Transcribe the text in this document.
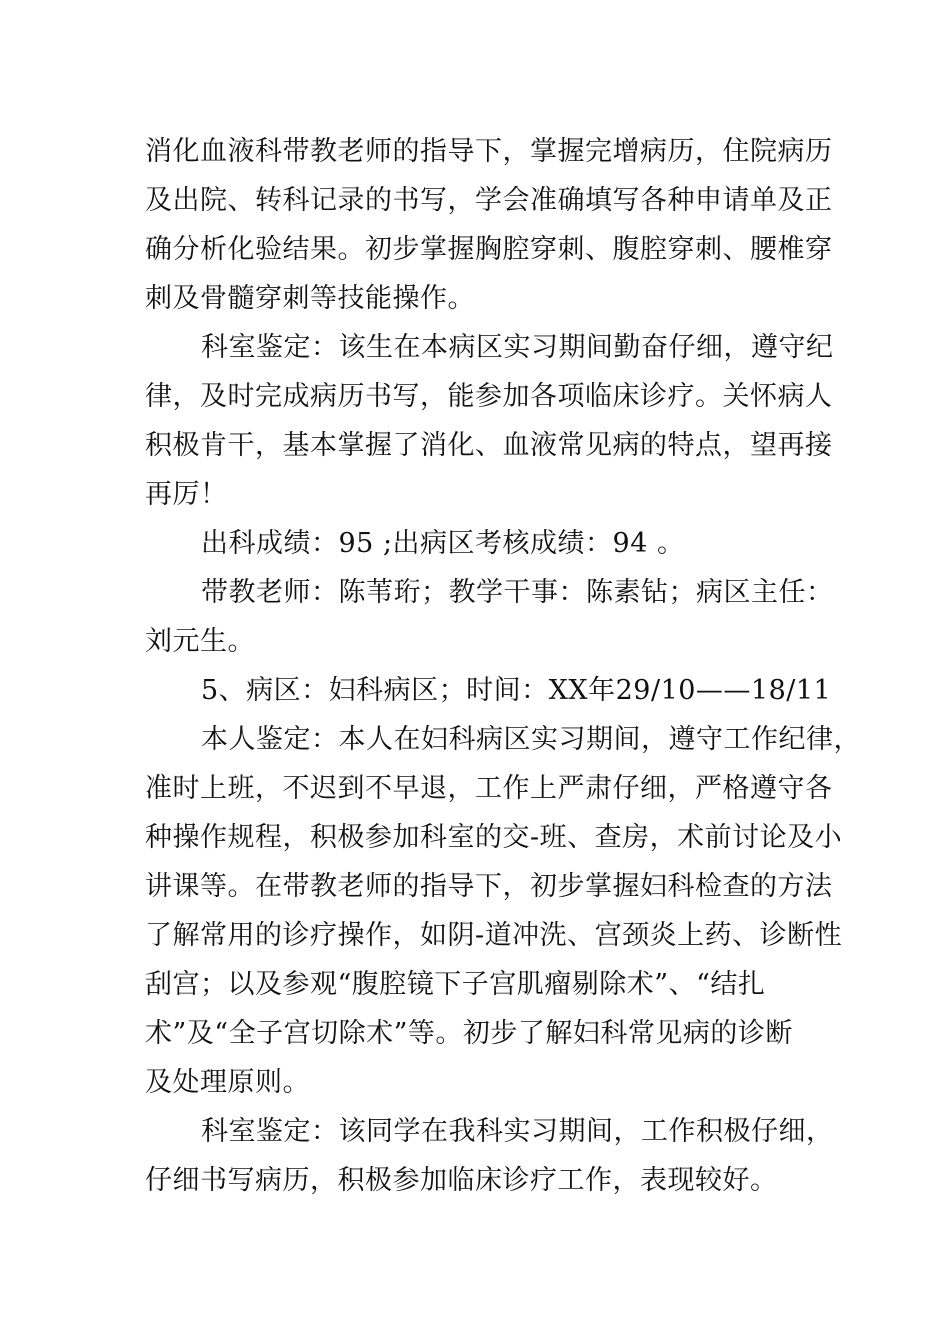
消化血液科带教老师的指导下，掌握完增病历，住院病历
及出院、转科记录的书写，学会准确填写各种申请单及正
确分析化验结果。初步掌握胸腔穿刺、腹腔穿刺、腰椎穿
刺及骨髓穿刺等技能操作。
科室鉴定：该生在本病区实习期间勤奋仔细，遵守纪
律，及时完成病历书写，能参加各项临床诊疗。关怀病人
积极肯干，基本掌握了消化、血液常见病的特点，望再接
再厉！
出科成绩：95 ;出病区考核成绩：94 。
带教老师：陈苇珩；教学干事：陈素钻；病区主任：
刘元生。
5、病区：妇科病区；时间：XX年29/10——18/11
本人鉴定：本人在妇科病区实习期间，遵守工作纪律，
准时上班，不迟到不早退，工作上严肃仔细，严格遵守各
种操作规程，积极参加科室的交-班、查房，术前讨论及小
讲课等。在带教老师的指导下，初步掌握妇科检查的方法
了解常用的诊疗操作，如阴-道冲洗、宫颈炎上药、诊断性
刮宫；以及参观“腹腔镜下子宫肌瘤剔除术”、“结扎
术”及“全子宫切除术”等。初步了解妇科常见病的诊断
及处理原则。
科室鉴定：该同学在我科实习期间，工作积极仔细，
仔细书写病历，积极参加临床诊疗工作，表现较好。
